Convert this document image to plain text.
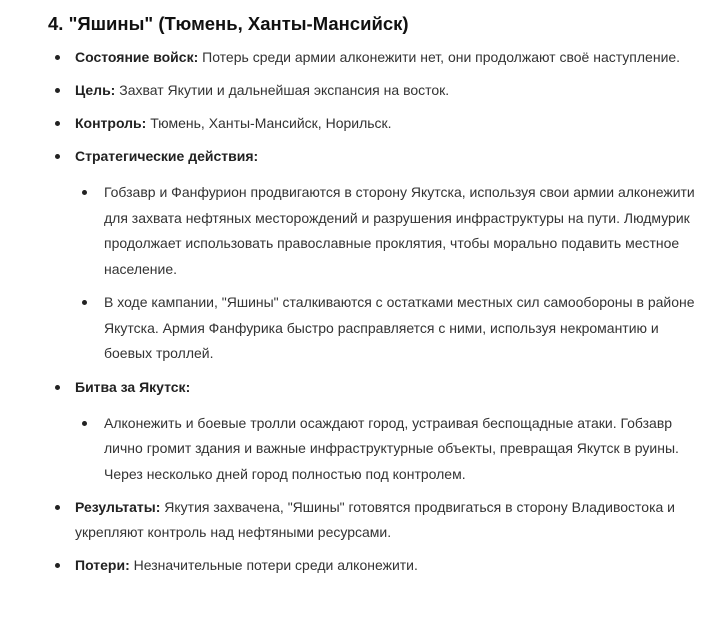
4. "Яшины" (Тюмень, Ханты-Мансийск)
Состояние войск: Потерь среди армии алконежити нет, они продолжают своё наступление.
Цель: Захват Якутии и дальнейшая экспансия на восток.
Контроль: Тюмень, Ханты-Мансийск, Норильск.
Стратегические действия:
Гобзавр и Фанфурион продвигаются в сторону Якутска, используя свои армии алконежити для захвата нефтяных месторождений и разрушения инфраструктуры на пути. Людмурик продолжает использовать православные проклятия, чтобы морально подавить местное население.
В ходе кампании, "Яшины" сталкиваются с остатками местных сил самообороны в районе Якутска. Армия Фанфурика быстро расправляется с ними, используя некромантию и боевых троллей.
Битва за Якутск:
Алконежить и боевые тролли осаждают город, устраивая беспощадные атаки. Гобзавр лично громит здания и важные инфраструктурные объекты, превращая Якутск в руины. Через несколько дней город полностью под контролем.
Результаты: Якутия захвачена, "Яшины" готовятся продвигаться в сторону Владивостока и укрепляют контроль над нефтяными ресурсами.
Потери: Незначительные потери среди алконежити.
